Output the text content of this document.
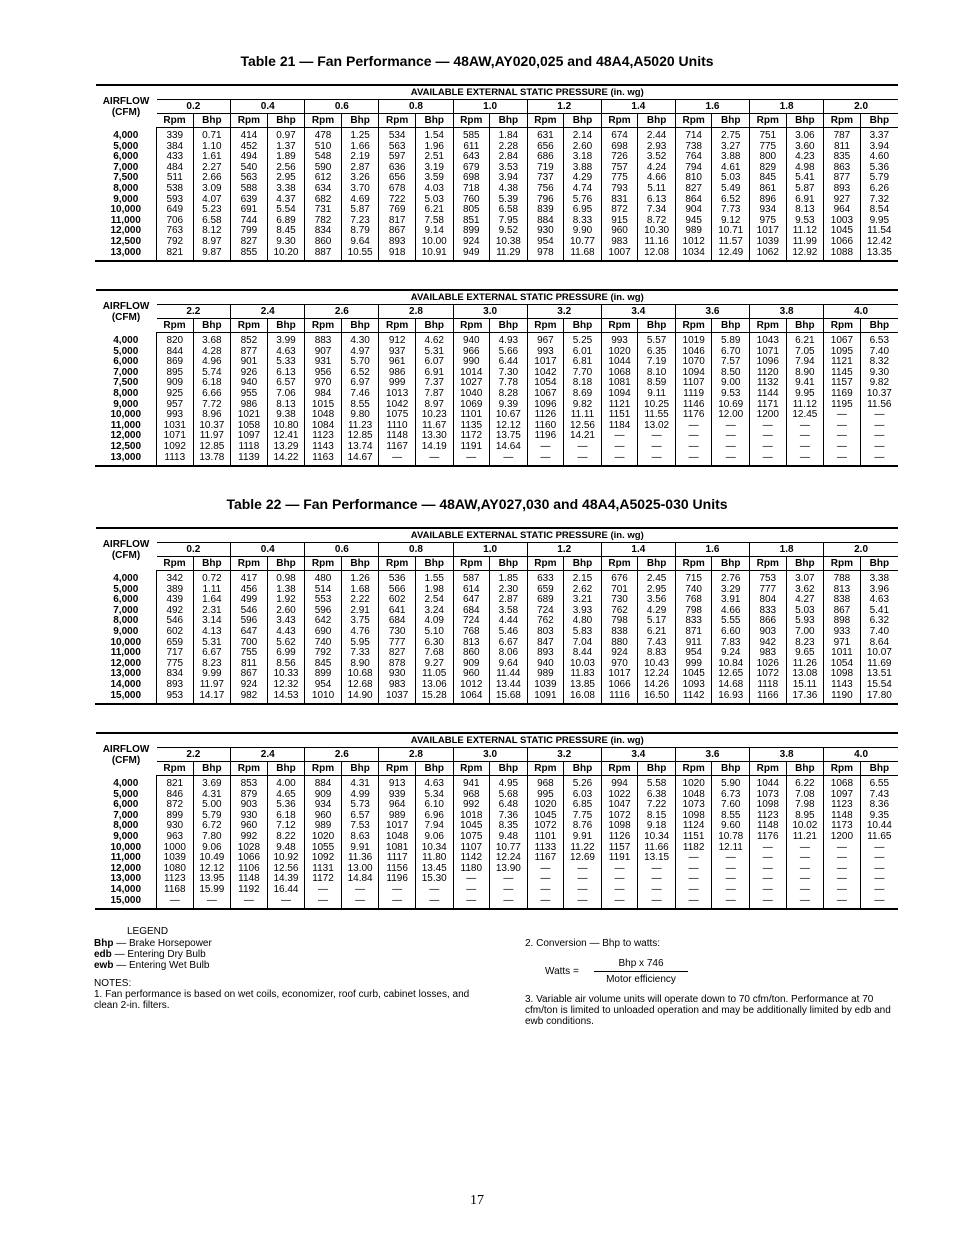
Table 21 — Fan Performance — 48AW,AY020,025 and 48A4,A5020 Units
AIRFLOW
(CFM)	AVAILABLE EXTERNAL STATIC PRESSURE (in. wg)																			
	0.2		0.4		0.6		0.8		1.0		1.2		1.4		1.6		1.8		2.0	
	Rpm	Bhp	Rpm	Bhp	Rpm	Bhp	Rpm	Bhp	Rpm	Bhp	Rpm	Bhp	Rpm	Bhp	Rpm	Bhp	Rpm	Bhp	Rpm	Bhp
4,000	339	0.71	414	0.97	478	1.25	534	1.54	585	1.84	631	2.14	674	2.44	714	2.75	751	3.06	787	3.37
5,000	384	1.10	452	1.37	510	1.66	563	1.96	611	2.28	656	2.60	698	2.93	738	3.27	775	3.60	811	3.94
6,000	433	1.61	494	1.89	548	2.19	597	2.51	643	2.84	686	3.18	726	3.52	764	3.88	800	4.23	835	4.60
7,000	484	2.27	540	2.56	590	2.87	636	3.19	679	3.53	719	3.88	757	4.24	794	4.61	829	4.98	863	5.36
7,500	511	2.66	563	2.95	612	3.26	656	3.59	698	3.94	737	4.29	775	4.66	810	5.03	845	5.41	877	5.79
8,000	538	3.09	588	3.38	634	3.70	678	4.03	718	4.38	756	4.74	793	5.11	827	5.49	861	5.87	893	6.26
9,000	593	4.07	639	4.37	682	4.69	722	5.03	760	5.39	796	5.76	831	6.13	864	6.52	896	6.91	927	7.32
10,000	649	5.23	691	5.54	731	5.87	769	6.21	805	6.58	839	6.95	872	7.34	904	7.73	934	8.13	964	8.54
11,000	706	6.58	744	6.89	782	7.23	817	7.58	851	7.95	884	8.33	915	8.72	945	9.12	975	9.53	1003	9.95
12,000	763	8.12	799	8.45	834	8.79	867	9.14	899	9.52	930	9.90	960	10.30	989	10.71	1017	11.12	1045	11.54
12,500	792	8.97	827	9.30	860	9.64	893	10.00	924	10.38	954	10.77	983	11.16	1012	11.57	1039	11.99	1066	12.42
13,000	821	9.87	855	10.20	887	10.55	918	10.91	949	11.29	978	11.68	1007	12.08	1034	12.49	1062	12.92	1088	13.35

AIRFLOW
(CFM)	AVAILABLE EXTERNAL STATIC PRESSURE (in. wg)																			
	2.2		2.4		2.6		2.8		3.0		3.2		3.4		3.6		3.8		4.0	
	Rpm	Bhp	Rpm	Bhp	Rpm	Bhp	Rpm	Bhp	Rpm	Bhp	Rpm	Bhp	Rpm	Bhp	Rpm	Bhp	Rpm	Bhp	Rpm	Bhp
4,000	820	3.68	852	3.99	883	4.30	912	4.62	940	4.93	967	5.25	993	5.57	1019	5.89	1043	6.21	1067	6.53
5,000	844	4.28	877	4.63	907	4.97	937	5.31	966	5.66	993	6.01	1020	6.35	1046	6.70	1071	7.05	1095	7.40
6,000	869	4.96	901	5.33	931	5.70	961	6.07	990	6.44	1017	6.81	1044	7.19	1070	7.57	1096	7.94	1121	8.32
7,000	895	5.74	926	6.13	956	6.52	986	6.91	1014	7.30	1042	7.70	1068	8.10	1094	8.50	1120	8.90	1145	9.30
7,500	909	6.18	940	6.57	970	6.97	999	7.37	1027	7.78	1054	8.18	1081	8.59	1107	9.00	1132	9.41	1157	9.82
8,000	925	6.66	955	7.06	984	7.46	1013	7.87	1040	8.28	1067	8.69	1094	9.11	1119	9.53	1144	9.95	1169	10.37
9,000	957	7.72	986	8.13	1015	8.55	1042	8.97	1069	9.39	1096	9.82	1121	10.25	1146	10.69	1171	11.12	1195	11.56
10,000	993	8.96	1021	9.38	1048	9.80	1075	10.23	1101	10.67	1126	11.11	1151	11.55	1176	12.00	1200	12.45	—	—
11,000	1031	10.37	1058	10.80	1084	11.23	1110	11.67	1135	12.12	1160	12.56	1184	13.02	—	—	—	—	—	—
12,000	1071	11.97	1097	12.41	1123	12.85	1148	13.30	1172	13.75	1196	14.21	—	—	—	—	—	—	—	—
12,500	1092	12.85	1118	13.29	1143	13.74	1167	14.19	1191	14.64	—	—	—	—	—	—	—	—	—	—
13,000	1113	13.78	1139	14.22	1163	14.67	—	—	—	—	—	—	—	—	—	—	—	—	—	—

Table 22 — Fan Performance — 48AW,AY027,030 and 48A4,A5025-030 Units
AIRFLOW
(CFM)	AVAILABLE EXTERNAL STATIC PRESSURE (in. wg)																			
	0.2		0.4		0.6		0.8		1.0		1.2		1.4		1.6		1.8		2.0	
	Rpm	Bhp	Rpm	Bhp	Rpm	Bhp	Rpm	Bhp	Rpm	Bhp	Rpm	Bhp	Rpm	Bhp	Rpm	Bhp	Rpm	Bhp	Rpm	Bhp
4,000	342	0.72	417	0.98	480	1.26	536	1.55	587	1.85	633	2.15	676	2.45	715	2.76	753	3.07	788	3.38
5,000	389	1.11	456	1.38	514	1.68	566	1.98	614	2.30	659	2.62	701	2.95	740	3.29	777	3.62	813	3.96
6,000	439	1.64	499	1.92	553	2.22	602	2.54	647	2.87	689	3.21	730	3.56	768	3.91	804	4.27	838	4.63
7,000	492	2.31	546	2.60	596	2.91	641	3.24	684	3.58	724	3.93	762	4.29	798	4.66	833	5.03	867	5.41
8,000	546	3.14	596	3.43	642	3.75	684	4.09	724	4.44	762	4.80	798	5.17	833	5.55	866	5.93	898	6.32
9,000	602	4.13	647	4.43	690	4.76	730	5.10	768	5.46	803	5.83	838	6.21	871	6.60	903	7.00	933	7.40
10,000	659	5.31	700	5.62	740	5.95	777	6.30	813	6.67	847	7.04	880	7.43	911	7.83	942	8.23	971	8.64
11,000	717	6.67	755	6.99	792	7.33	827	7.68	860	8.06	893	8.44	924	8.83	954	9.24	983	9.65	1011	10.07
12,000	775	8.23	811	8.56	845	8.90	878	9.27	909	9.64	940	10.03	970	10.43	999	10.84	1026	11.26	1054	11.69
13,000	834	9.99	867	10.33	899	10.68	930	11.05	960	11.44	989	11.83	1017	12.24	1045	12.65	1072	13.08	1098	13.51
14,000	893	11.97	924	12.32	954	12.68	983	13.06	1012	13.44	1039	13.85	1066	14.26	1093	14.68	1118	15.11	1143	15.54
15,000	953	14.17	982	14.53	1010	14.90	1037	15.28	1064	15.68	1091	16.08	1116	16.50	1142	16.93	1166	17.36	1190	17.80

AIRFLOW
(CFM)	AVAILABLE EXTERNAL STATIC PRESSURE (in. wg)																			
	2.2		2.4		2.6		2.8		3.0		3.2		3.4		3.6		3.8		4.0	
	Rpm	Bhp	Rpm	Bhp	Rpm	Bhp	Rpm	Bhp	Rpm	Bhp	Rpm	Bhp	Rpm	Bhp	Rpm	Bhp	Rpm	Bhp	Rpm	Bhp
4,000	821	3.69	853	4.00	884	4.31	913	4.63	941	4.95	968	5.26	994	5.58	1020	5.90	1044	6.22	1068	6.55
5,000	846	4.31	879	4.65	909	4.99	939	5.34	968	5.68	995	6.03	1022	6.38	1048	6.73	1073	7.08	1097	7.43
6,000	872	5.00	903	5.36	934	5.73	964	6.10	992	6.48	1020	6.85	1047	7.22	1073	7.60	1098	7.98	1123	8.36
7,000	899	5.79	930	6.18	960	6.57	989	6.96	1018	7.36	1045	7.75	1072	8.15	1098	8.55	1123	8.95	1148	9.35
8,000	930	6.72	960	7.12	989	7.53	1017	7.94	1045	8.35	1072	8.76	1098	9.18	1124	9.60	1148	10.02	1173	10.44
9,000	963	7.80	992	8.22	1020	8.63	1048	9.06	1075	9.48	1101	9.91	1126	10.34	1151	10.78	1176	11.21	1200	11.65
10,000	1000	9.06	1028	9.48	1055	9.91	1081	10.34	1107	10.77	1133	11.22	1157	11.66	1182	12.11	—	—	—	—
11,000	1039	10.49	1066	10.92	1092	11.36	1117	11.80	1142	12.24	1167	12.69	1191	13.15	—	—	—	—	—	—
12,000	1080	12.12	1106	12.56	1131	13.00	1156	13.45	1180	13.90	—	—	—	—	—	—	—	—	—	—
13,000	1123	13.95	1148	14.39	1172	14.84	1196	15.30	—	—	—	—	—	—	—	—	—	—	—	—
14,000	1168	15.99	1192	16.44	—	—	—	—	—	—	—	—	—	—	—	—	—	—	—	—
15,000	—	—	—	—	—	—	—	—	—	—	—	—	—	—	—	—	—	—	—	—

LEGEND
Bhp — Brake Horsepower
edb — Entering Dry Bulb
ewb — Entering Wet Bulb
NOTES:
1. Fan performance is based on wet coils, economizer, roof curb, cabinet losses, and clean 2-in. filters.
2. Conversion — Bhp to watts:
Watts =
Bhp x 746
Motor efficiency
3. Variable air volume units will operate down to 70 cfm/ton. Performance at 70 cfm/ton is limited to unloaded operation and may be additionally limited by edb and ewb conditions.
17
